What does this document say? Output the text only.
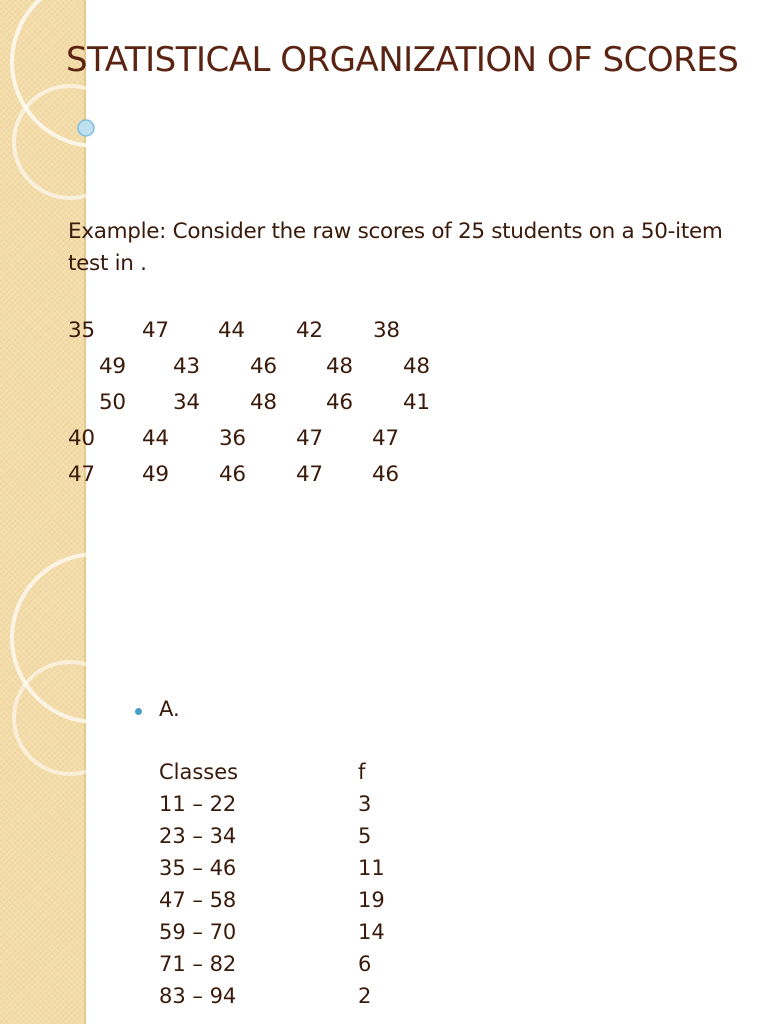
STATISTICAL ORGANIZATION OF SCORES
Example: Consider the raw scores of 25 students on a 50-item test in .
35 47 44 42 38
49 43 46 48 48
50 34 48 46 41
40 44 36 47 47
47 49 46 47 46
A.
Classes	f
11 – 22	3
23 – 34	5
35 – 46	11
47 – 58	19
59 – 70	14
71 – 82	6
83 – 94	2
